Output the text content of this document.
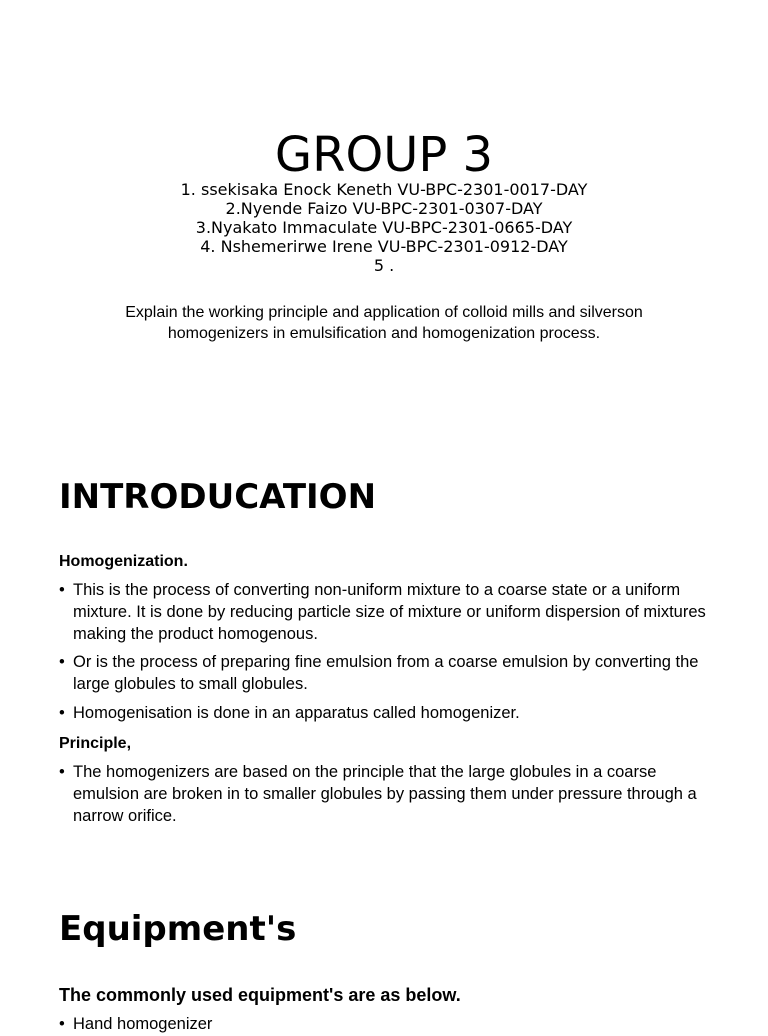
GROUP 3
1. ssekisaka Enock Keneth VU-BPC-2301-0017-DAY
2.Nyende Faizo VU-BPC-2301-0307-DAY
3.Nyakato Immaculate VU-BPC-2301-0665-DAY
4. Nshemerirwe Irene VU-BPC-2301-0912-DAY
5 .
Explain the working principle and application of colloid mills and silverson homogenizers in emulsification and homogenization process.
INTRODUCATION
Homogenization.
• This is the process of converting non-uniform mixture to a coarse state or a uniform mixture. It is done by reducing particle size of mixture or uniform dispersion of mixtures making the product homogenous.
• Or is the process of preparing fine emulsion from a coarse emulsion by converting the large globules to small globules.
• Homogenisation is done in an apparatus called homogenizer.
Principle,
• The homogenizers are based on the principle that the large globules in a coarse emulsion are broken in to smaller globules by passing them under pressure through a narrow orifice.
Equipment's
The commonly used equipment's are as below.
• Hand homogenizer
